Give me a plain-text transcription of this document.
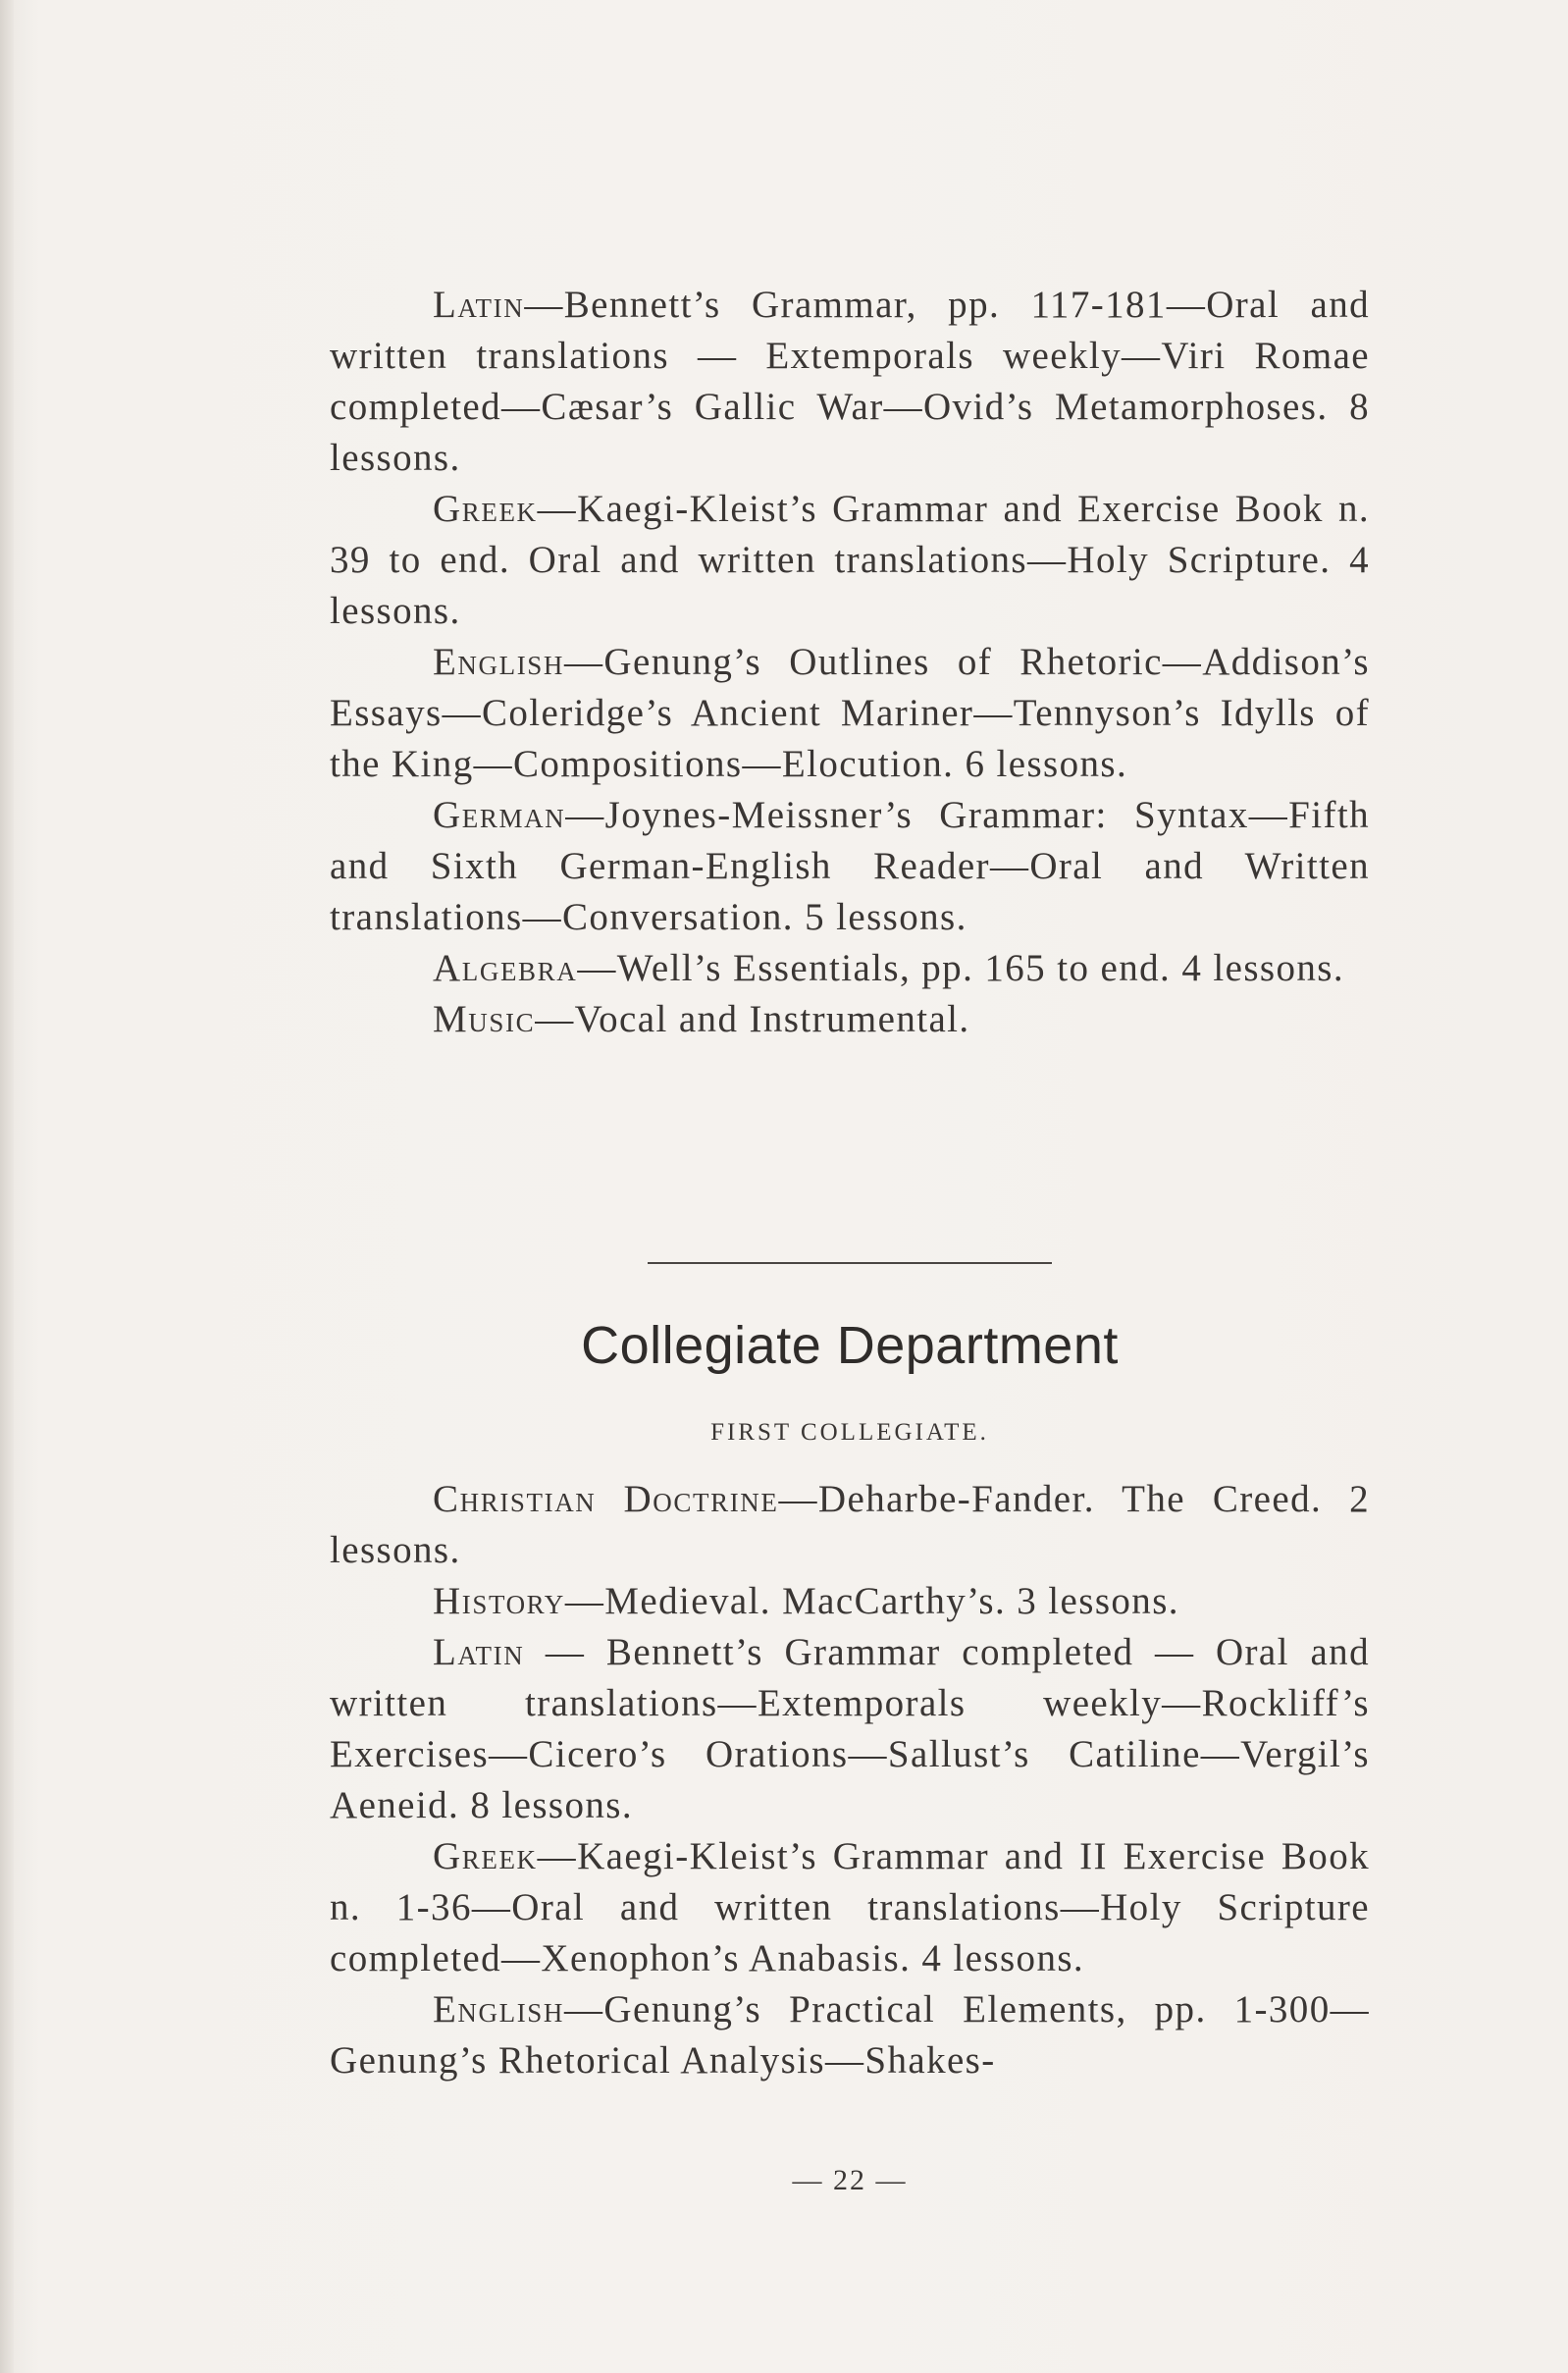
Latin—Bennett’s Grammar, pp. 117-181—Oral and written translations — Extemporals weekly—Viri Romae completed—Cæsar’s Gallic War—Ovid’s Metamorphoses. 8 lessons.

Greek—Kaegi-Kleist’s Grammar and Exercise Book n. 39 to end. Oral and written translations—Holy Scripture. 4 lessons.

English—Genung’s Outlines of Rhetoric—Addison’s Essays—Coleridge’s Ancient Mariner—Tennyson’s Idylls of the King—Compositions—Elocution. 6 lessons.

German—Joynes-Meissner’s Grammar: Syntax—Fifth and Sixth German-English Reader—Oral and Written translations—Conversation. 5 lessons.

Algebra—Well’s Essentials, pp. 165 to end. 4 lessons.

Music—Vocal and Instrumental.

Collegiate Department
FIRST COLLEGIATE.

Christian Doctrine—Deharbe-Fander. The Creed. 2 lessons.

History—Medieval. MacCarthy’s. 3 lessons.

Latin — Bennett’s Grammar completed — Oral and written translations—Extemporals weekly—Rockliff’s Exercises—Cicero’s Orations—Sallust’s Catiline—Vergil’s Aeneid. 8 lessons.

Greek—Kaegi-Kleist’s Grammar and II Exercise Book n. 1-36—Oral and written translations—Holy Scripture completed—Xenophon’s Anabasis. 4 lessons.

English—Genung’s Practical Elements, pp. 1-300—Genung’s Rhetorical Analysis—Shakes-

— 22 —
